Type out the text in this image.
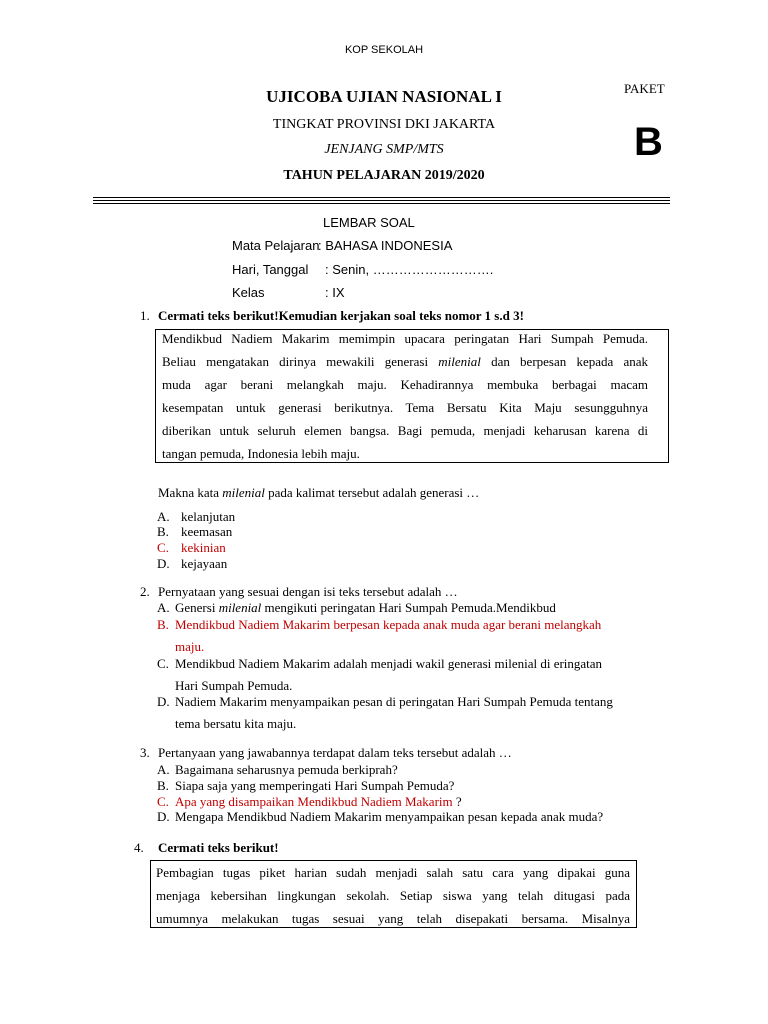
KOP SEKOLAH
UJICOBA UJIAN NASIONAL I
TINGKAT PROVINSI DKI JAKARTA
JENJANG SMP/MTS
TAHUN PELAJARAN 2019/2020
PAKET
B
LEMBAR SOAL
Mata Pelajaran
: BAHASA INDONESIA
Hari, Tanggal : Senin, ……………………….
Kelas	: IX
1. Cermati teks berikut!Kemudian kerjakan soal teks nomor 1 s.d 3!
Mendikbud Nadiem Makarim memimpin upacara peringatan Hari Sumpah Pemuda.
Beliau mengatakan dirinya mewakili generasi milenial dan berpesan kepada anak
muda agar berani melangkah maju. Kehadirannya membuka berbagai macam
kesempatan untuk generasi berikutnya. Tema Bersatu Kita Maju sesungguhnya
diberikan untuk seluruh elemen bangsa. Bagi pemuda, menjadi keharusan karena di
tangan pemuda, Indonesia lebih maju.
Makna kata milenial pada kalimat tersebut adalah generasi …
A. kelanjutan
B. keemasan
C. kekinian
D. kejayaan
2. Pernyataan yang sesuai dengan isi teks tersebut adalah …
A. Genersi milenial mengikuti peringatan Hari Sumpah Pemuda.Mendikbud
B. Mendikbud Nadiem Makarim berpesan kepada anak muda agar berani melangkah
maju.
C. Mendikbud Nadiem Makarim adalah menjadi wakil generasi milenial di eringatan
Hari Sumpah Pemuda.
D. Nadiem Makarim menyampaikan pesan di peringatan Hari Sumpah Pemuda tentang
tema bersatu kita maju.
3. Pertanyaan yang jawabannya terdapat dalam teks tersebut adalah …
A. Bagaimana seharusnya pemuda berkiprah?
B. Siapa saja yang memperingati Hari Sumpah Pemuda?
C. Apa yang disampaikan Mendikbud Nadiem Makarim ?
D. Mengapa Mendikbud Nadiem Makarim menyampaikan pesan kepada anak muda?
4. Cermati teks berikut!
Pembagian tugas piket harian sudah menjadi salah satu cara yang dipakai guna
menjaga kebersihan lingkungan sekolah. Setiap siswa yang telah ditugasi pada
umumnya melakukan tugas sesuai yang telah disepakati bersama. Misalnya
